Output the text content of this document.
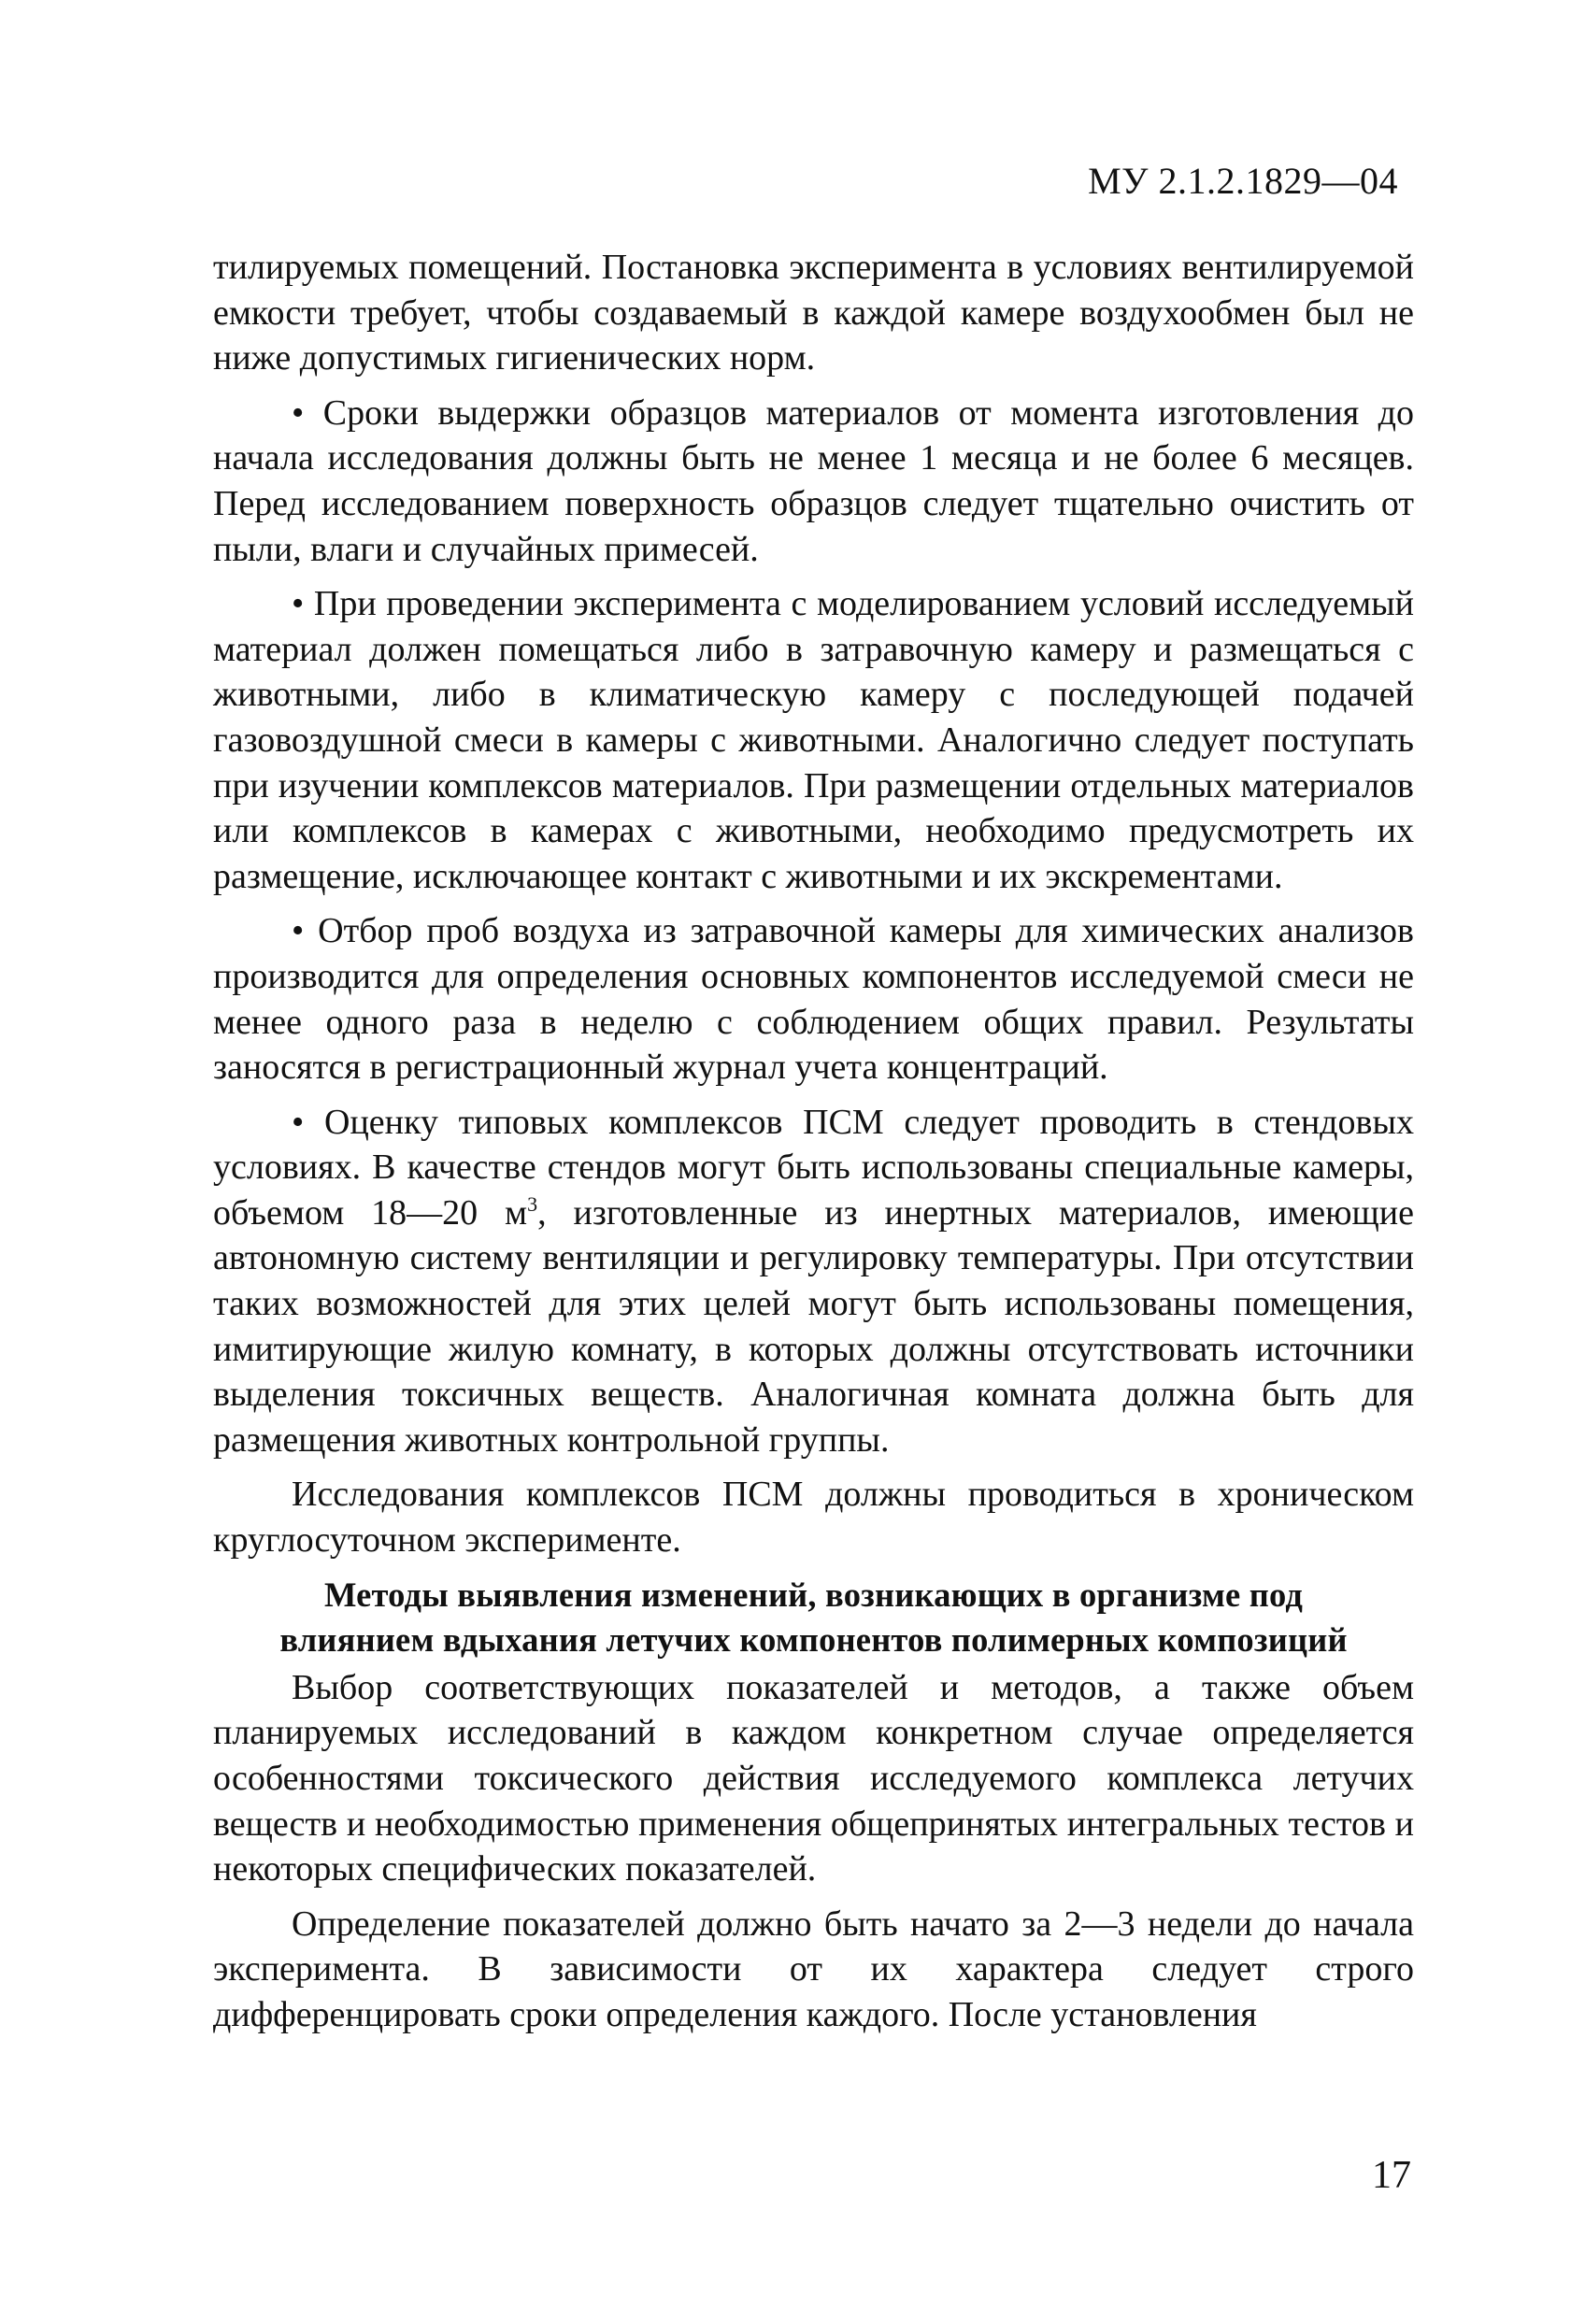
МУ 2.1.2.1829—04

тилируемых помещений. Постановка эксперимента в условиях вентилируемой емкости требует, чтобы создаваемый в каждой камере воздухообмен был не ниже допустимых гигиенических норм.

• Сроки выдержки образцов материалов от момента изготовления до начала исследования должны быть не менее 1 месяца и не более 6 месяцев. Перед исследованием поверхность образцов следует тщательно очистить от пыли, влаги и случайных примесей.

• При проведении эксперимента с моделированием условий исследуемый материал должен помещаться либо в затравочную камеру и размещаться с животными, либо в климатическую камеру с последующей подачей газовоздушной смеси в камеры с животными. Аналогично следует поступать при изучении комплексов материалов. При размещении отдельных материалов или комплексов в камерах с животными, необходимо предусмотреть их размещение, исключающее контакт с животными и их экскрементами.

• Отбор проб воздуха из затравочной камеры для химических анализов производится для определения основных компонентов исследуемой смеси не менее одного раза в неделю с соблюдением общих правил. Результаты заносятся в регистрационный журнал учета концентраций.

• Оценку типовых комплексов ПСМ следует проводить в стендовых условиях. В качестве стендов могут быть использованы специальные камеры, объемом 18—20 $м^3$, изготовленные из инертных материалов, имеющие автономную систему вентиляции и регулировку температуры. При отсутствии таких возможностей для этих целей могут быть использованы помещения, имитирующие жилую комнату, в которых должны отсутствовать источники выделения токсичных веществ. Аналогичная комната должна быть для размещения животных контрольной группы.

Исследования комплексов ПСМ должны проводиться в хроническом круглосуточном эксперименте.

Методы выявления изменений, возникающих в организме под

влиянием вдыхания летучих компонентов полимерных композиций

Выбор соответствующих показателей и методов, а также объем планируемых исследований в каждом конкретном случае определяется особенностями токсического действия исследуемого комплекса летучих веществ и необходимостью применения общепринятых интегральных тестов и некоторых специфических показателей.

Определение показателей должно быть начато за 2—3 недели до начала эксперимента. В зависимости от их характера следует строго дифференцировать сроки определения каждого. После установления

17
